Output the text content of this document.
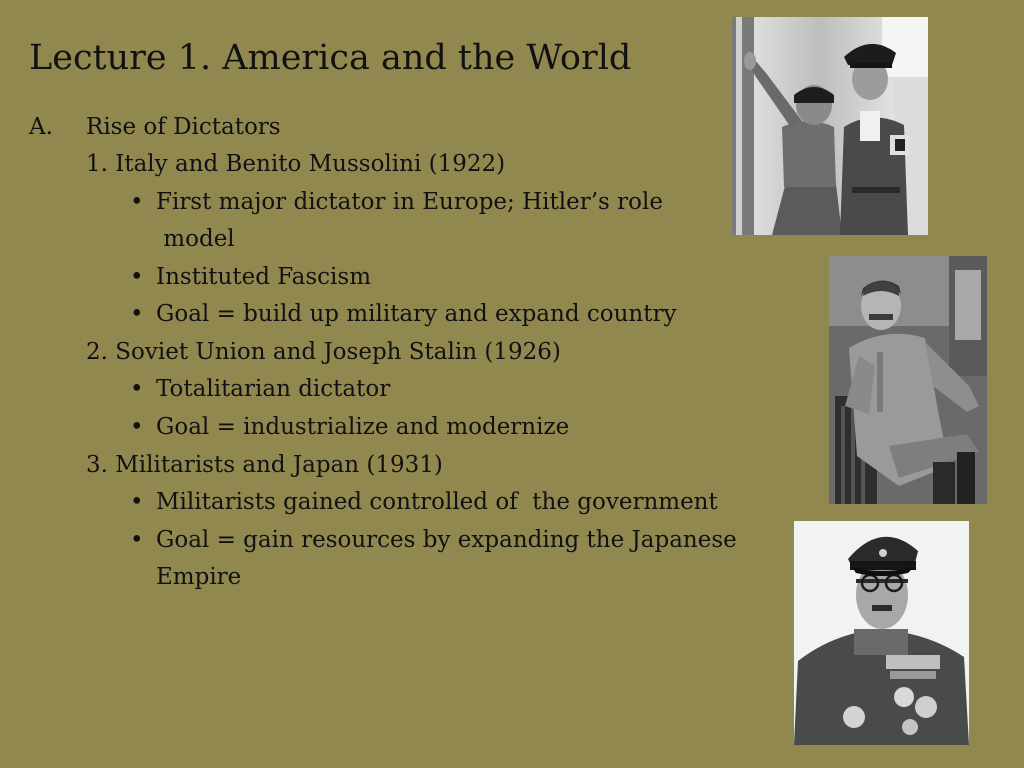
Lecture 1. America and the World
A. Rise of Dictators
1. Italy and Benito Mussolini (1922)
• First major dictator in Europe; Hitler’s role
model
• Instituted Fascism
• Goal = build up military and expand country
2. Soviet Union and Joseph Stalin (1926)
• Totalitarian dictator
• Goal = industrialize and modernize
3. Militarists and Japan (1931)
• Militarists gained controlled of  the government
• Goal = gain resources by expanding the Japanese
Empire
